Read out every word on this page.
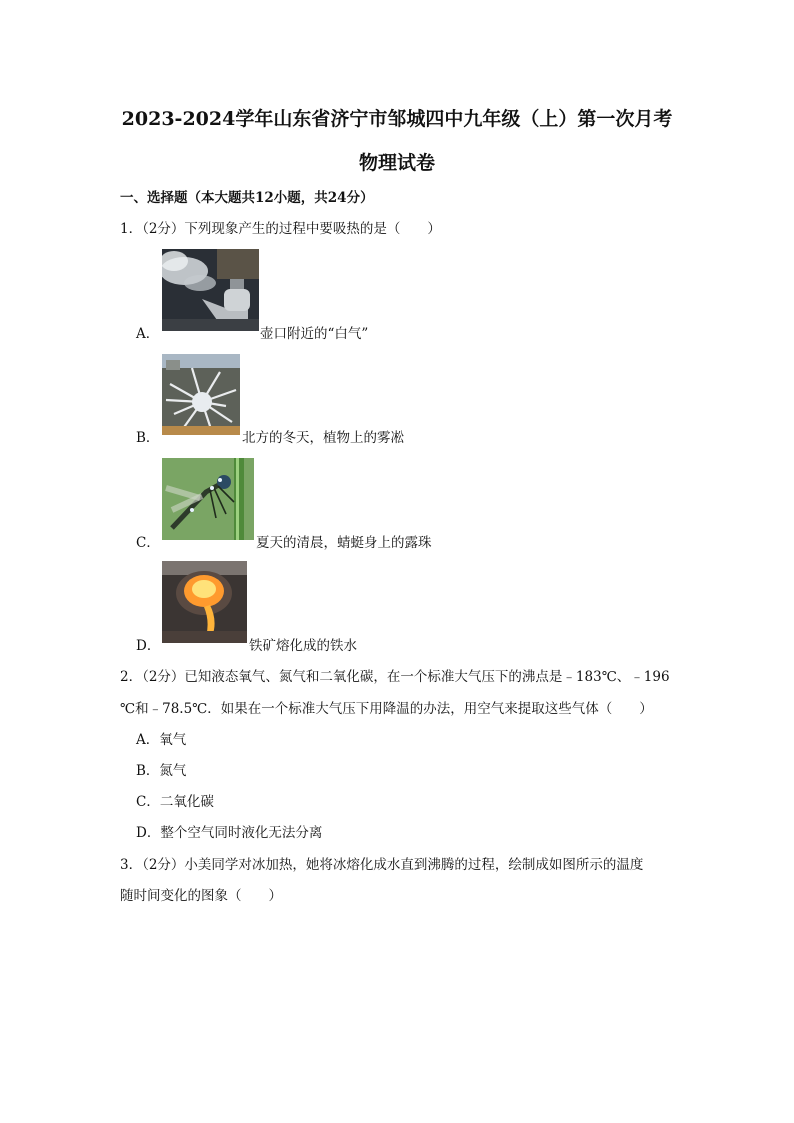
2023-2024学年山东省济宁市邹城四中九年级（上）第一次月考
物理试卷
一、选择题（本大题共12小题，共24分）
1．（2分）下列现象产生的过程中要吸热的是（　　）
A．	壶口附近的“白气”
B．	北方的冬天，植物上的雾凇
C．	夏天的清晨，蜻蜓身上的露珠
D．	铁矿熔化成的铁水
2．（2分）已知液态氧气、氮气和二氧化碳，在一个标准大气压下的沸点是﹣183℃、﹣196
℃和﹣78.5℃．如果在一个标准大气压下用降温的办法，用空气来提取这些气体（　　）
A．氧气
B．氮气
C．二氧化碳
D．整个空气同时液化无法分离
3．（2分）小美同学对冰加热，她将冰熔化成水直到沸腾的过程，绘制成如图所示的温度
随时间变化的图象（　　）
